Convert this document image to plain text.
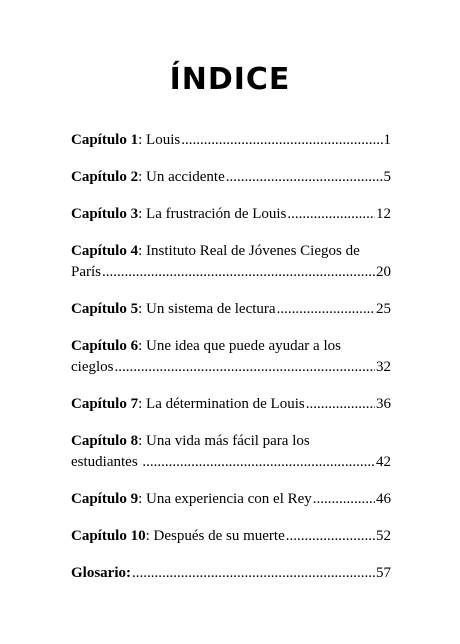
ÍNDICE
Capítulo 1 : Louis .....	1
Capítulo 2 : Un accidente .....	5
Capítulo 3 : La frustración de Louis .....	12
Capítulo 4 : Instituto Real de Jóvenes Ciegos de
París .....	20
Capítulo 5 : Un sistema de lectura .....	25
Capítulo 6 : Une idea que puede ayudar a los
cieglos .....	32
Capítulo 7 : La détermination de Louis .....	36
Capítulo 8 : Una vida más fácil para los
estudiantes .....	42
Capítulo 9 : Una experiencia con el Rey .....	46
Capítulo 10 : Después de su muerte .....	52
Glosario: .....	57
